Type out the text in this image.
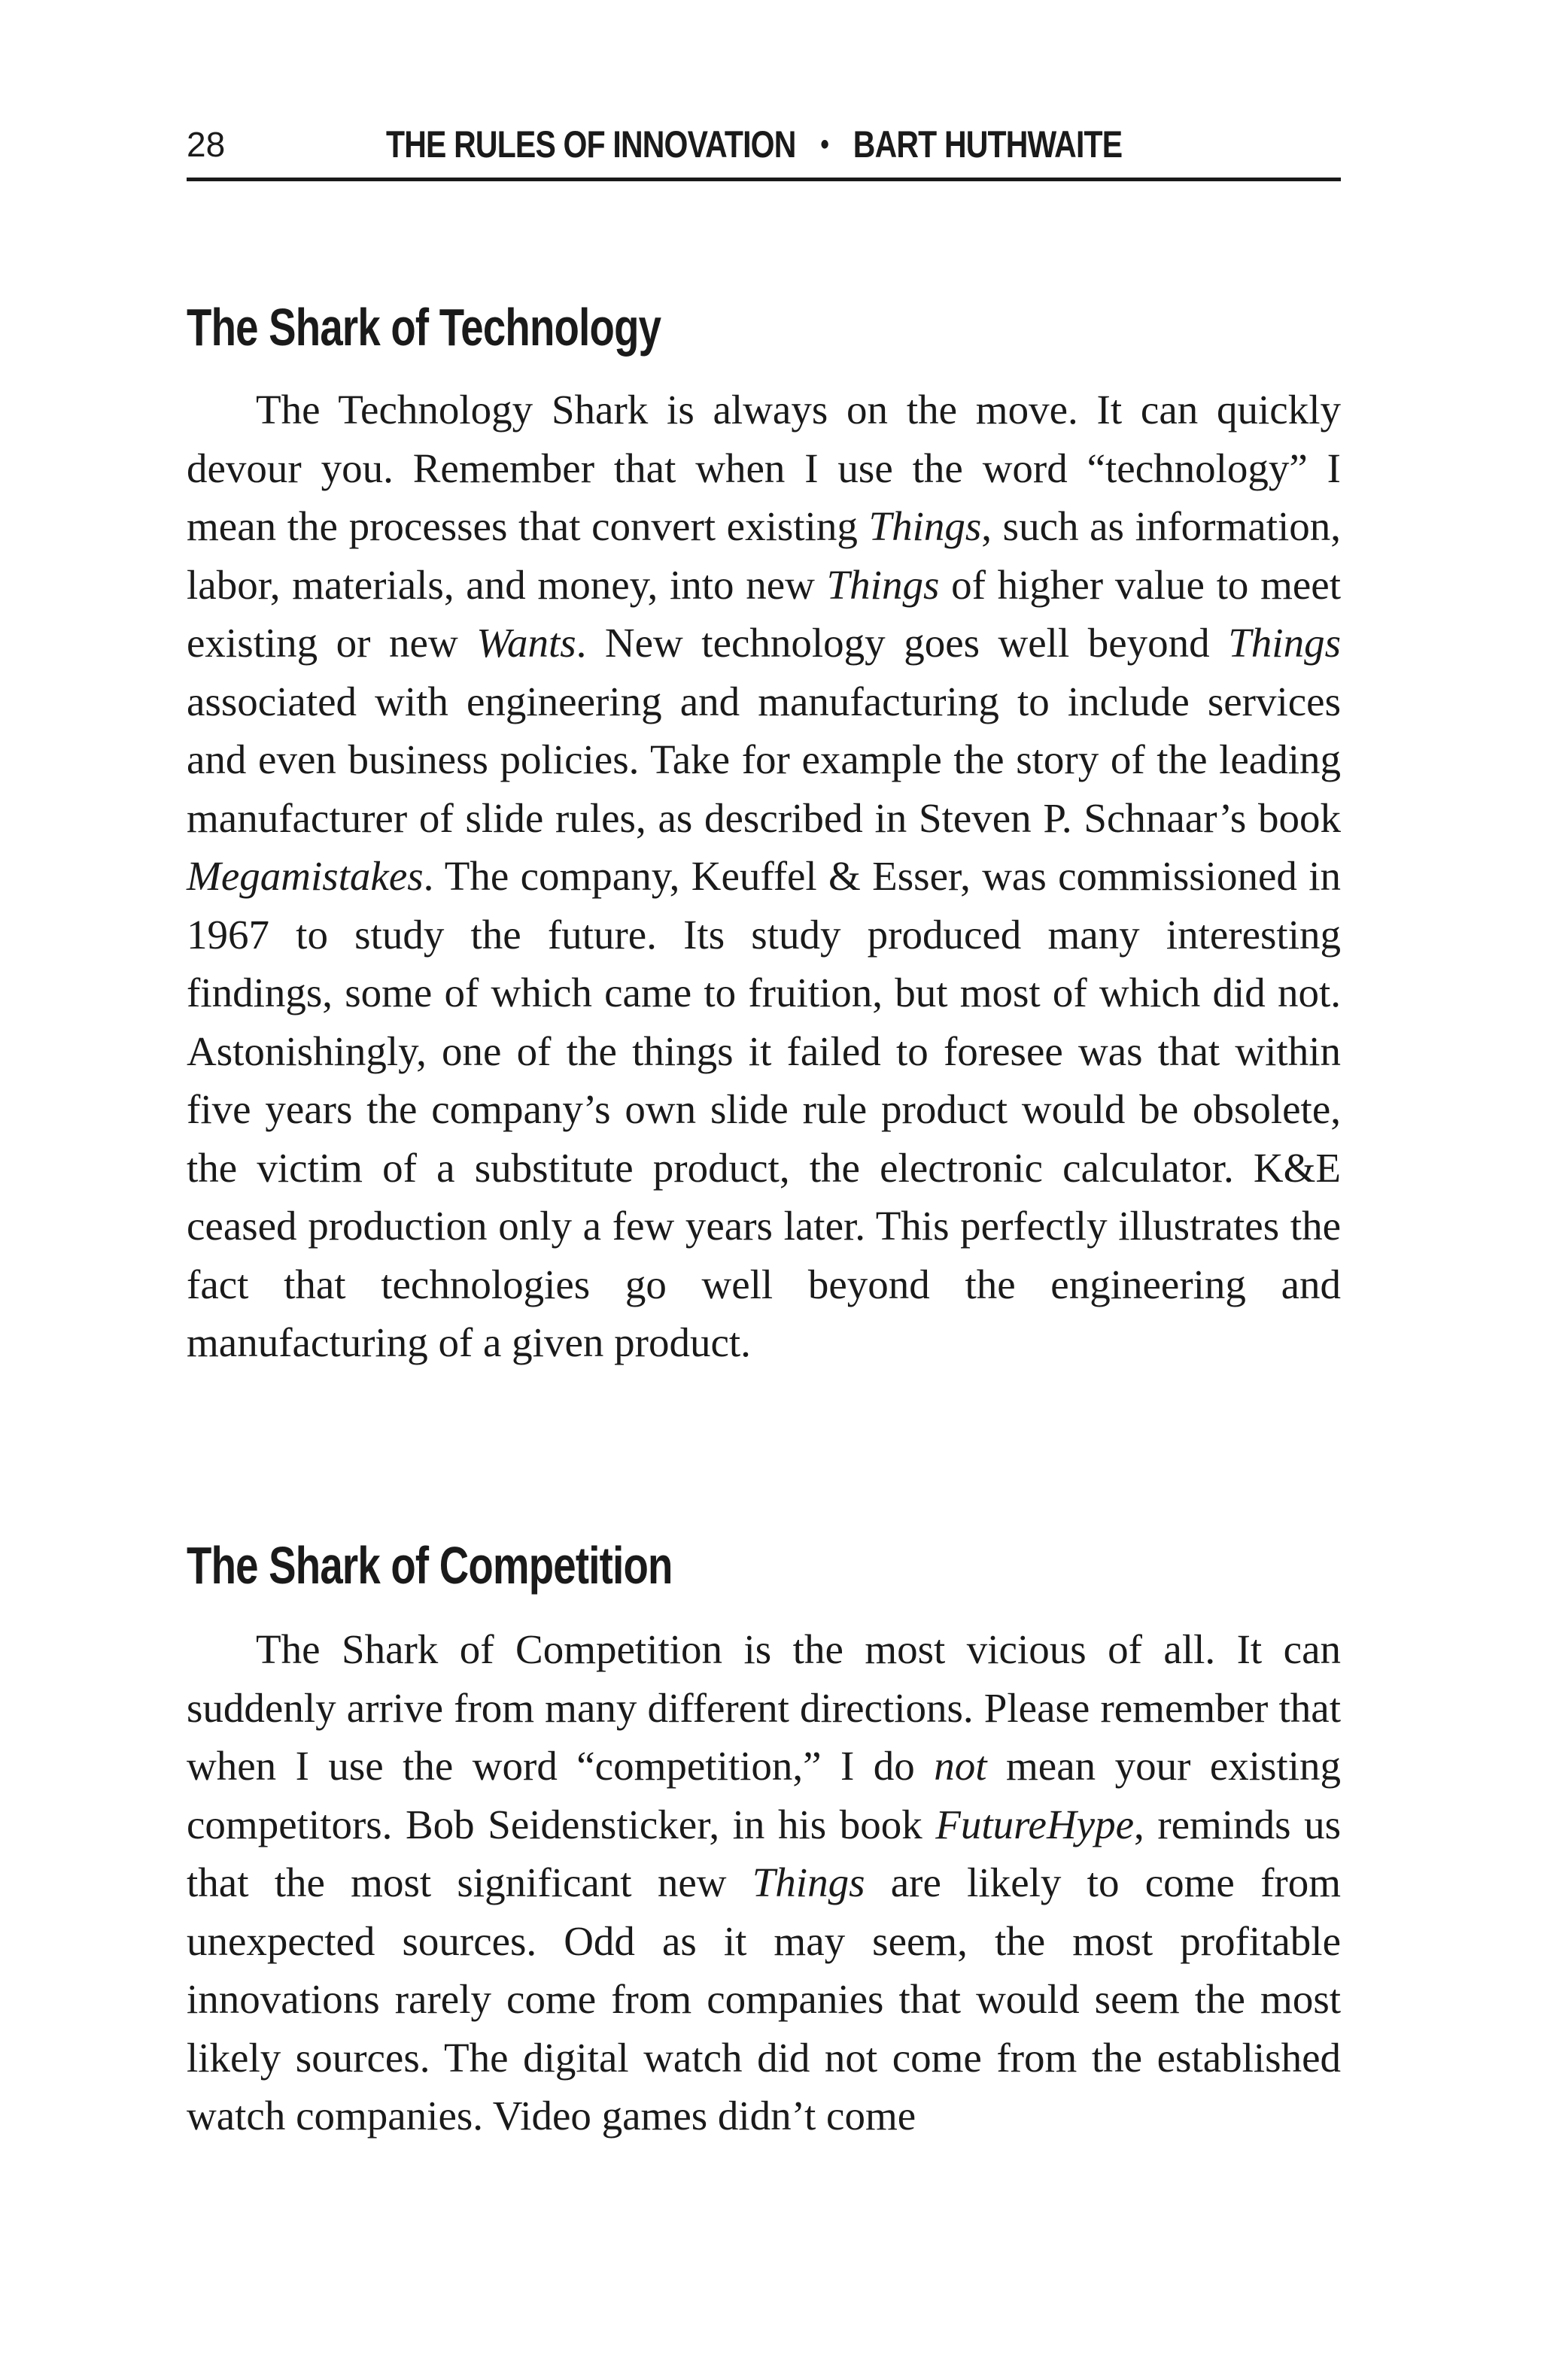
28	THE RULES OF INNOVATION • BART HUTHWAITE
The Shark of Technology

The Technology Shark is always on the move. It can quickly devour you. Remember that when I use the word “technology” I mean the processes that convert existing Things, such as information, labor, materials, and money, into new Things of higher value to meet existing or new Wants. New technology goes well beyond Things associated with engineering and manufacturing to include services and even business policies. Take for example the story of the leading manufacturer of slide rules, as described in Steven P. Schnaar’s book Megamistakes. The company, Keuffel & Esser, was commissioned in 1967 to study the future. Its study produced many interesting findings, some of which came to fruition, but most of which did not. Astonishingly, one of the things it failed to foresee was that within five years the company’s own slide rule product would be obsolete, the victim of a substitute product, the electronic calculator. K&E ceased production only a few years later. This perfectly illustrates the fact that technologies go well beyond the engineering and manufacturing of a given product.

The Shark of Competition

The Shark of Competition is the most vicious of all. It can suddenly arrive from many different directions. Please remember that when I use the word “competition,” I do not mean your existing competitors. Bob Seidensticker, in his book FutureHype, reminds us that the most significant new Things are likely to come from unexpected sources. Odd as it may seem, the most profitable innovations rarely come from companies that would seem the most likely sources. The digital watch did not come from the established watch companies. Video games didn’t come
